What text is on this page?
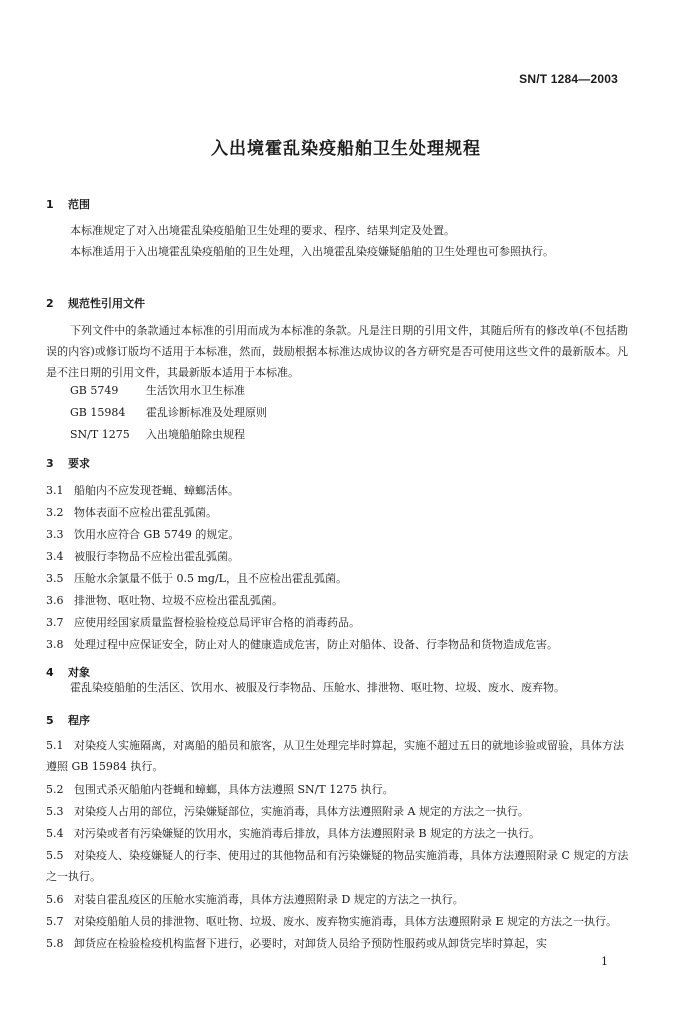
SN/T 1284—2003
入出境霍乱染疫船舶卫生处理规程
1 范围
本标准规定了对入出境霍乱染疫船舶卫生处理的要求、程序、结果判定及处置。
本标准适用于入出境霍乱染疫船舶的卫生处理，入出境霍乱染疫嫌疑船舶的卫生处理也可参照执行。
2 规范性引用文件
下列文件中的条款通过本标准的引用而成为本标准的条款。凡是注日期的引用文件，其随后所有的修改单(不包括勘误的内容)或修订版均不适用于本标准，然而，鼓励根据本标准达成协议的各方研究是否可使用这些文件的最新版本。凡是不注日期的引用文件，其最新版本适用于本标准。
GB 5749	生活饮用水卫生标准
GB 15984 霍乱诊断标准及处理原则
SN/T 1275 入出境船舶除虫规程
3 要求
3.1 船舶内不应发现苍蝇、蟑螂活体。
3.2 物体表面不应检出霍乱弧菌。
3.3 饮用水应符合 GB 5749 的规定。
3.4 被服行李物品不应检出霍乱弧菌。
3.5 压舱水余氯量不低于 0.5 mg/L，且不应检出霍乱弧菌。
3.6 排泄物、呕吐物、垃圾不应检出霍乱弧菌。
3.7 应使用经国家质量监督检验检疫总局评审合格的消毒药品。
3.8 处理过程中应保证安全，防止对人的健康造成危害，防止对船体、设备、行李物品和货物造成危害。
4 对象
霍乱染疫船舶的生活区、饮用水、被服及行李物品、压舱水、排泄物、呕吐物、垃圾、废水、废弃物。
5 程序
5.1 对染疫人实施隔离，对离船的船员和旅客，从卫生处理完毕时算起，实施不超过五日的就地诊验或留验，具体方法遵照 GB 15984 执行。
5.2 包围式杀灭船舶内苍蝇和蟑螂，具体方法遵照 SN/T 1275 执行。
5.3 对染疫人占用的部位，污染嫌疑部位，实施消毒，具体方法遵照附录 A 规定的方法之一执行。
5.4 对污染或者有污染嫌疑的饮用水，实施消毒后排放，具体方法遵照附录 B 规定的方法之一执行。
5.5 对染疫人、染疫嫌疑人的行李、使用过的其他物品和有污染嫌疑的物品实施消毒，具体方法遵照附录 C 规定的方法之一执行。
5.6 对装自霍乱疫区的压舱水实施消毒，具体方法遵照附录 D 规定的方法之一执行。
5.7 对染疫船舶人员的排泄物、呕吐物、垃圾、废水、废弃物实施消毒，具体方法遵照附录 E 规定的方法之一执行。
5.8 卸货应在检验检疫机构监督下进行，必要时，对卸货人员给予预防性服药或从卸货完毕时算起，实
1
